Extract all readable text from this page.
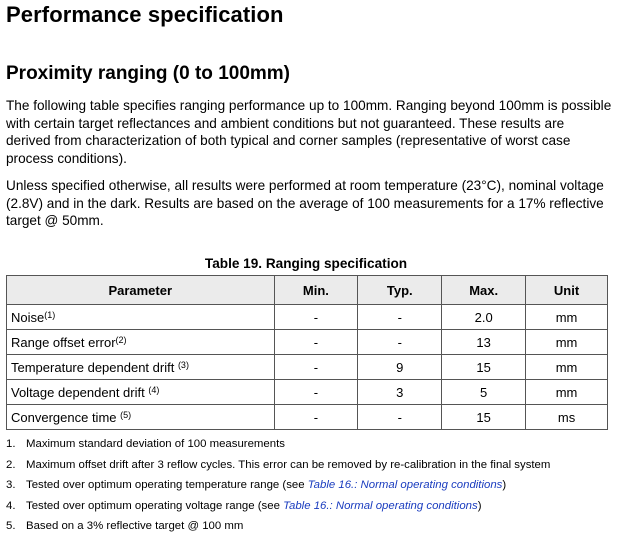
Performance specification
Proximity ranging (0 to 100mm)

The following table specifies ranging performance up to 100mm. Ranging beyond 100mm is possible with certain target reflectances and ambient conditions but not guaranteed. These results are derived from characterization of both typical and corner samples (representative of worst case process conditions).

Unless specified otherwise, all results were performed at room temperature (23°C), nominal voltage (2.8V) and in the dark. Results are based on the average of 100 measurements for a 17% reflective target @ 50mm.

Table 19. Ranging specification
Parameter	Min.	Typ.	Max.	Unit
Noise$^{(1)}$	-	-	2.0	mm
Range offset error$^{(2)}$	-	-	13	mm
Temperature dependent drift $^{(3)}$	-	9	15	mm
Voltage dependent drift $^{(4)}$	-	3	5	mm
Convergence time $^{(5)}$	-	-	15	ms
1. Maximum standard deviation of 100 measurements
2. Maximum offset drift after 3 reflow cycles. This error can be removed by re-calibration in the final system
3. Tested over optimum operating temperature range (see Table 16.: Normal operating conditions)
4. Tested over optimum operating voltage range (see Table 16.: Normal operating conditions)
5. Based on a 3% reflective target @ 100 mm
